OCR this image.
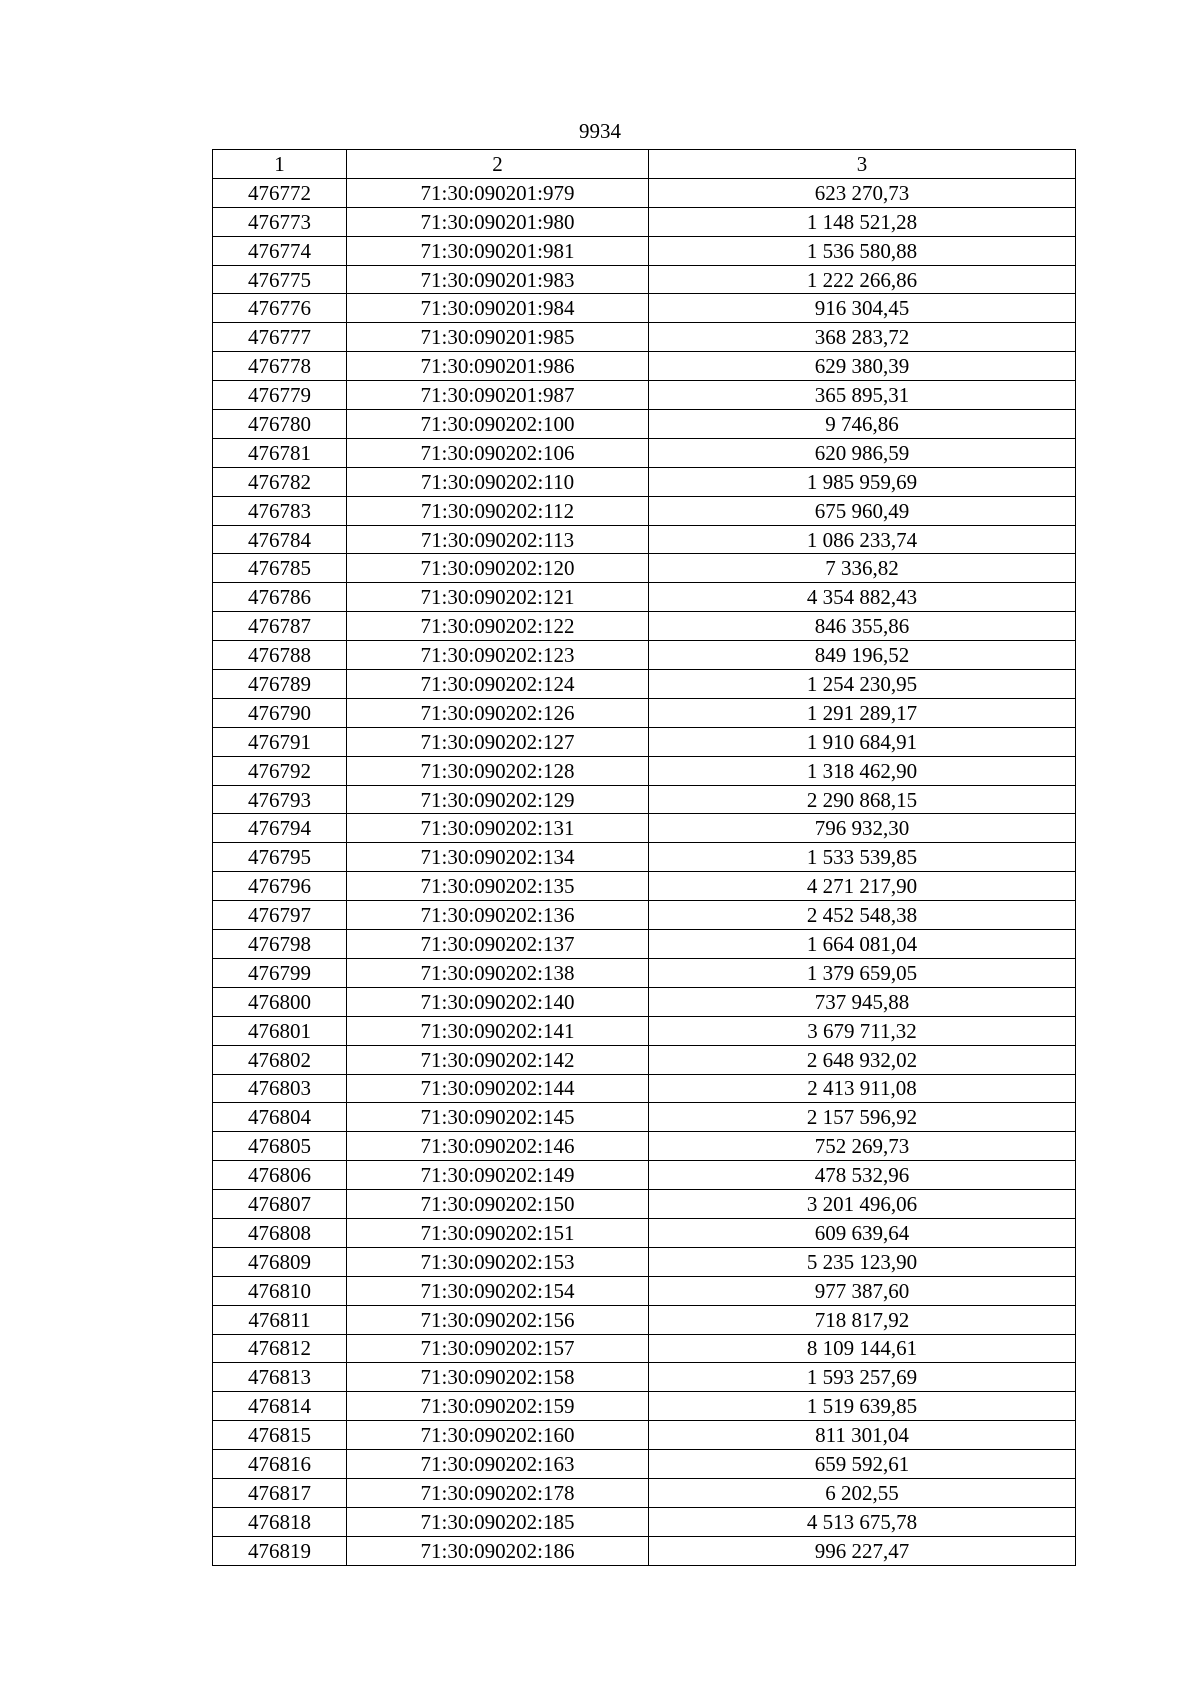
9934
1	2	3
476772	71:30:090201:979	623 270,73
476773	71:30:090201:980	1 148 521,28
476774	71:30:090201:981	1 536 580,88
476775	71:30:090201:983	1 222 266,86
476776	71:30:090201:984	916 304,45
476777	71:30:090201:985	368 283,72
476778	71:30:090201:986	629 380,39
476779	71:30:090201:987	365 895,31
476780	71:30:090202:100	9 746,86
476781	71:30:090202:106	620 986,59
476782	71:30:090202:110	1 985 959,69
476783	71:30:090202:112	675 960,49
476784	71:30:090202:113	1 086 233,74
476785	71:30:090202:120	7 336,82
476786	71:30:090202:121	4 354 882,43
476787	71:30:090202:122	846 355,86
476788	71:30:090202:123	849 196,52
476789	71:30:090202:124	1 254 230,95
476790	71:30:090202:126	1 291 289,17
476791	71:30:090202:127	1 910 684,91
476792	71:30:090202:128	1 318 462,90
476793	71:30:090202:129	2 290 868,15
476794	71:30:090202:131	796 932,30
476795	71:30:090202:134	1 533 539,85
476796	71:30:090202:135	4 271 217,90
476797	71:30:090202:136	2 452 548,38
476798	71:30:090202:137	1 664 081,04
476799	71:30:090202:138	1 379 659,05
476800	71:30:090202:140	737 945,88
476801	71:30:090202:141	3 679 711,32
476802	71:30:090202:142	2 648 932,02
476803	71:30:090202:144	2 413 911,08
476804	71:30:090202:145	2 157 596,92
476805	71:30:090202:146	752 269,73
476806	71:30:090202:149	478 532,96
476807	71:30:090202:150	3 201 496,06
476808	71:30:090202:151	609 639,64
476809	71:30:090202:153	5 235 123,90
476810	71:30:090202:154	977 387,60
476811	71:30:090202:156	718 817,92
476812	71:30:090202:157	8 109 144,61
476813	71:30:090202:158	1 593 257,69
476814	71:30:090202:159	1 519 639,85
476815	71:30:090202:160	811 301,04
476816	71:30:090202:163	659 592,61
476817	71:30:090202:178	6 202,55
476818	71:30:090202:185	4 513 675,78
476819	71:30:090202:186	996 227,47
